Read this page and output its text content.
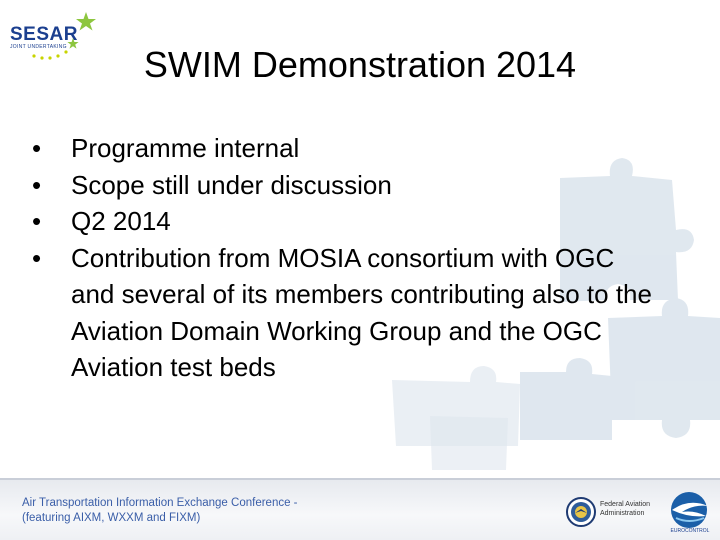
SESAR
JOINT UNDERTAKING	SWIM Demonstration 2014
• Programme internal
• Scope still under discussion
• Q2 2014
• Contribution from MOSIA consortium with OGC and several of its members contributing also to the Aviation Domain Working Group and the OGC Aviation test beds
Air Transportation Information Exchange Conference -
(featuring AIXM, WXXM and FIXM)
Federal Aviation
Administration
EUROCONTROL
